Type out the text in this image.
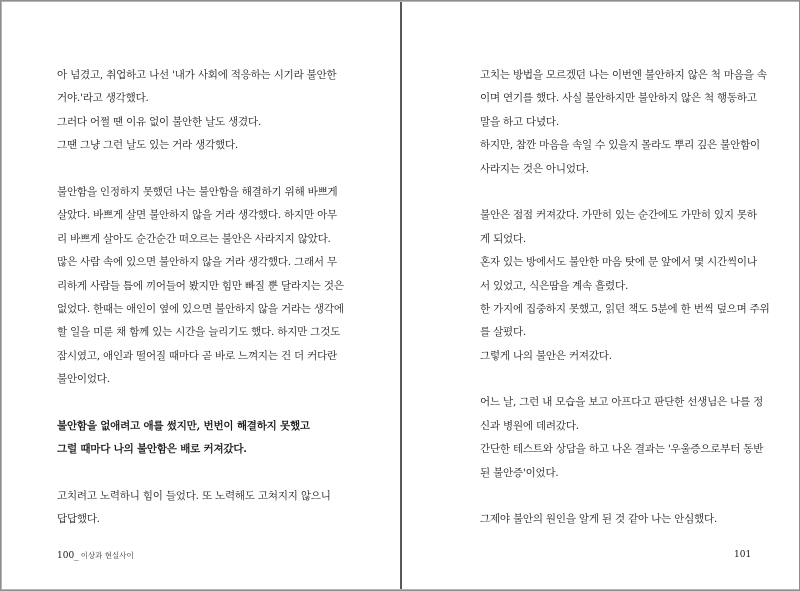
아 넘겼고, 취업하고 나선 '내가 사회에 적응하는 시기라 불안한
거야.'라고 생각했다.
그러다 어쩔 땐 이유 없이 불안한 날도 생겼다.
그땐 그냥 그런 날도 있는 거라 생각했다.
불안함을 인정하지 못했던 나는 불안함을 해결하기 위해 바쁘게
살았다. 바쁘게 살면 불안하지 않을 거라 생각했다. 하지만 아무
리 바쁘게 살아도 순간순간 떠오르는 불안은 사라지지 않았다.
많은 사람 속에 있으면 불안하지 않을 거라 생각했다. 그래서 무
리하게 사람들 틈에 끼어들어 봤지만 힘만 빠질 뿐 달라지는 것은
없었다. 한때는 애인이 옆에 있으면 불안하지 않을 거라는 생각에
할 일을 미룬 채 함께 있는 시간을 늘리기도 했다. 하지만 그것도
잠시였고, 애인과 떨어질 때마다 곧 바로 느껴지는 건 더 커다란
불안이었다.
불안함을 없애려고 애를 썼지만, 번번이 해결하지 못했고
그럴 때마다 나의 불안함은 배로 커져갔다.
고치려고 노력하니 힘이 들었다. 또 노력해도 고쳐지지 않으니
답답했다.
100_ 이상과 현실사이
고치는 방법을 모르겠던 나는 이번엔 불안하지 않은 척 마음을 속
이며 연기를 했다. 사실 불안하지만 불안하지 않은 척 행동하고
말을 하고 다녔다.
하지만, 참깐 마음을 속일 수 있을지 몰라도 뿌리 깊은 불안함이
사라지는 것은 아니었다.
불안은 점점 커져갔다. 가만히 있는 순간에도 가만히 있지 못하
게 되었다.
혼자 있는 방에서도 불안한 마음 탓에 문 앞에서 몇 시간씩이나
서 있었고, 식은땀을 계속 흘렸다.
한 가지에 집중하지 못했고, 읽던 책도 5분에 한 번씩 덮으며 주위
를 살폈다.
그렇게 나의 불안은 커져갔다.
어느 날, 그런 내 모습을 보고 아프다고 판단한 선생님은 나를 정
신과 병원에 데려갔다.
간단한 테스트와 상담을 하고 나온 결과는 '우울증으로부터 동반
된 불안증'이었다.
그제야 불안의 원인을 알게 된 것 같아 나는 안심했다.
101
